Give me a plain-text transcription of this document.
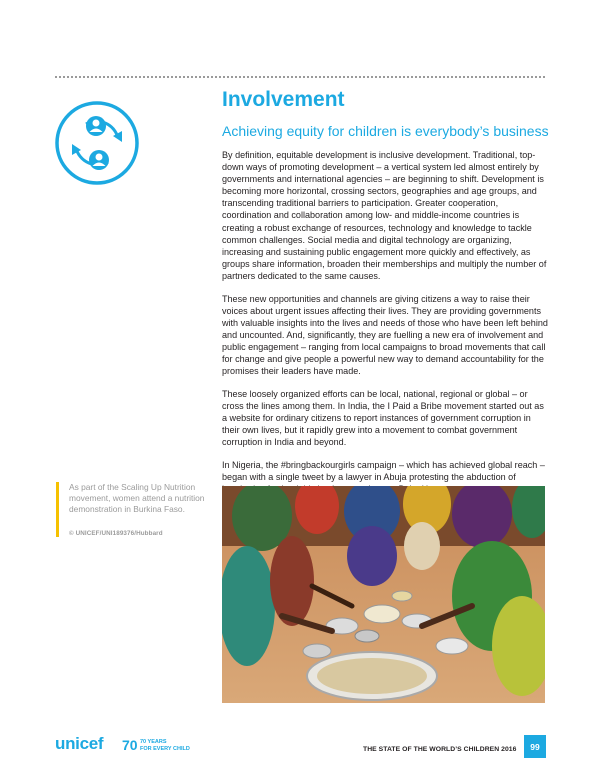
Involvement

Achieving equity for children is everybody’s business

By definition, equitable development is inclusive development. Traditional, top-down ways of promoting development – a vertical system led almost entirely by governments and international agencies – are beginning to shift. Development is becoming more horizontal, crossing sectors, geographies and age groups, and transcending traditional barriers to participation. Greater cooperation, coordination and collaboration among low- and middle-income countries is creating a robust exchange of resources, technology and knowledge to tackle common challenges. Social media and digital technology are organizing, increasing and sustaining public engagement more quickly and effectively, as groups share information, broaden their memberships and multiply the number of partners dedicated to the same causes.

These new opportunities and channels are giving citizens a way to raise their voices about urgent issues affecting their lives. They are providing governments with valuable insights into the lives and needs of those who have been left behind and uncounted. And, significantly, they are fuelling a new era of involvement and public engagement – ranging from local campaigns to broad movements that call for change and give people a powerful new way to demand accountability for the promises their leaders have made.

These loosely organized efforts can be local, national, regional or global – or cross the lines among them. In India, the I Paid a Bribe movement started out as a website for ordinary citizens to report instances of government corruption in their own lives, but it rapidly grew into a movement to combat government corruption in India and beyond.

In Nigeria, the #bringbackourgirls campaign – which has achieved global reach – began with a single tweet by a lawyer in Abuja protesting the abduction of

As part of the Scaling Up Nutrition movement, women attend a nutrition demonstration in Burkina Faso.

© UNICEF/UNI189376/Hubbard

unicef 70 70 YEARS
FOR EVERY CHILD	THE STATE OF THE WORLD’S CHILDREN 2016	99
